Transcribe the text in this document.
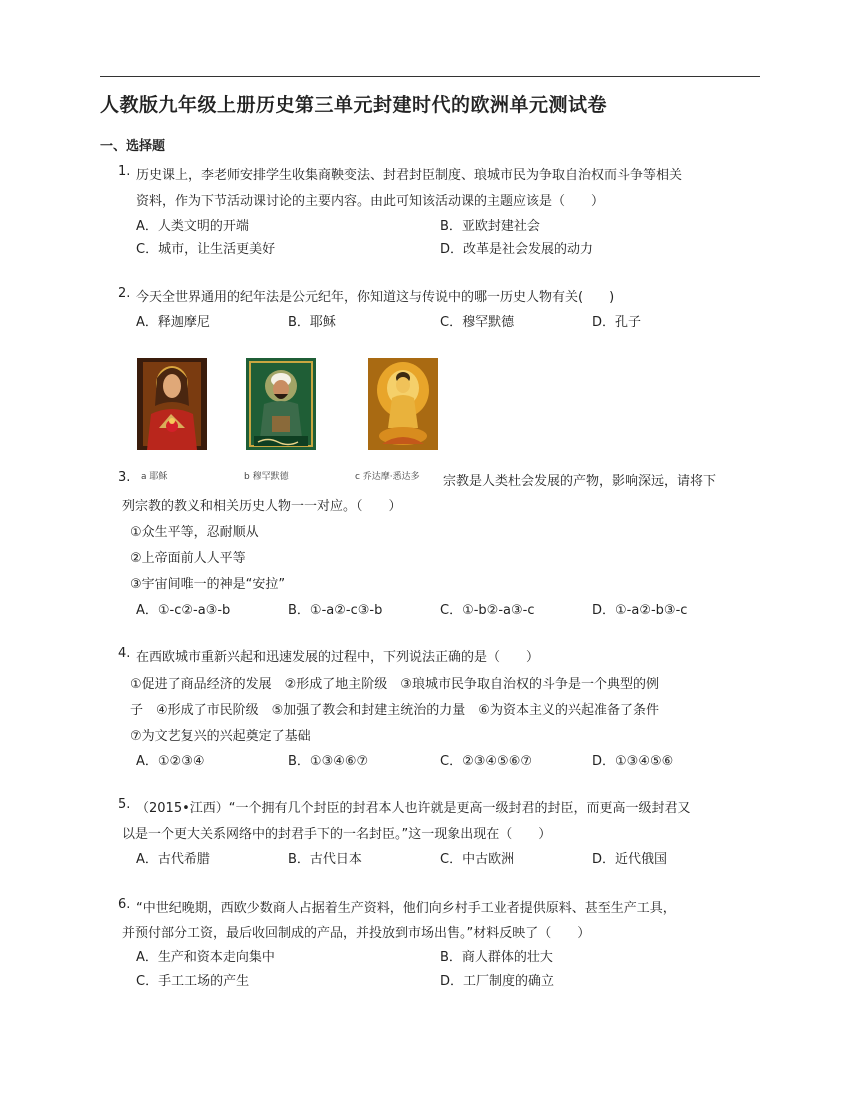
人教版九年级上册历史第三单元封建时代的欧洲单元测试卷
一、选择题
1. 历史课上，李老师安排学生收集商鞅变法、封君封臣制度、琅城市民为争取自治权而斗争等相关
资料，作为下节活动课讨论的主要内容。由此可知该活动课的主题应该是（　　）
A．人类文明的开端	B．亚欧封建社会
C．城市，让生活更美好	D．改革是社会发展的动力
2. 今天全世界通用的纪年法是公元纪年，你知道这与传说中的哪一历史人物有关(　　)
A．释迦摩尼	B．耶稣	C．穆罕默德	D．孔子
a 耶稣	b 穆罕默德	c 乔达摩·悉达多
3.	宗教是人类杜会发展的产物，影响深远，请将下
列宗教的教义和相关历史人物一一对应。（　　）
①众生平等，忍耐顺从
②上帝面前人人平等
③宇宙间唯一的神是“安拉”
A．①-c②-a③-b	B．①-a②-c③-b	C．①-b②-a③-c	D．①-a②-b③-c
4. 在西欧城市重新兴起和迅速发展的过程中，下列说法正确的是（　　）
①促进了商品经济的发展　②形成了地主阶级　③琅城市民争取自治权的斗争是一个典型的例
子　④形成了市民阶级　⑤加强了教会和封建主统治的力量　⑥为资本主义的兴起准备了条件
⑦为文艺复兴的兴起奠定了基础
A．①②③④	B．①③④⑥⑦	C．②③④⑤⑥⑦	D．①③④⑤⑥
5. （2015•江西）“一个拥有几个封臣的封君本人也许就是更高一级封君的封臣，而更高一级封君又
以是一个更大关系网络中的封君手下的一名封臣。”这一现象出现在（　　）
A．古代希腊	B．古代日本	C．中古欧洲	D．近代俄国
6. “中世纪晚期，西欧少数商人占据着生产资料，他们向乡村手工业者提供原料、甚至生产工具，
并预付部分工资，最后收回制成的产品，并投放到市场出售。”材料反映了（　　）
A．生产和资本走向集中	B．商人群体的壮大
C．手工工场的产生	D．工厂制度的确立
